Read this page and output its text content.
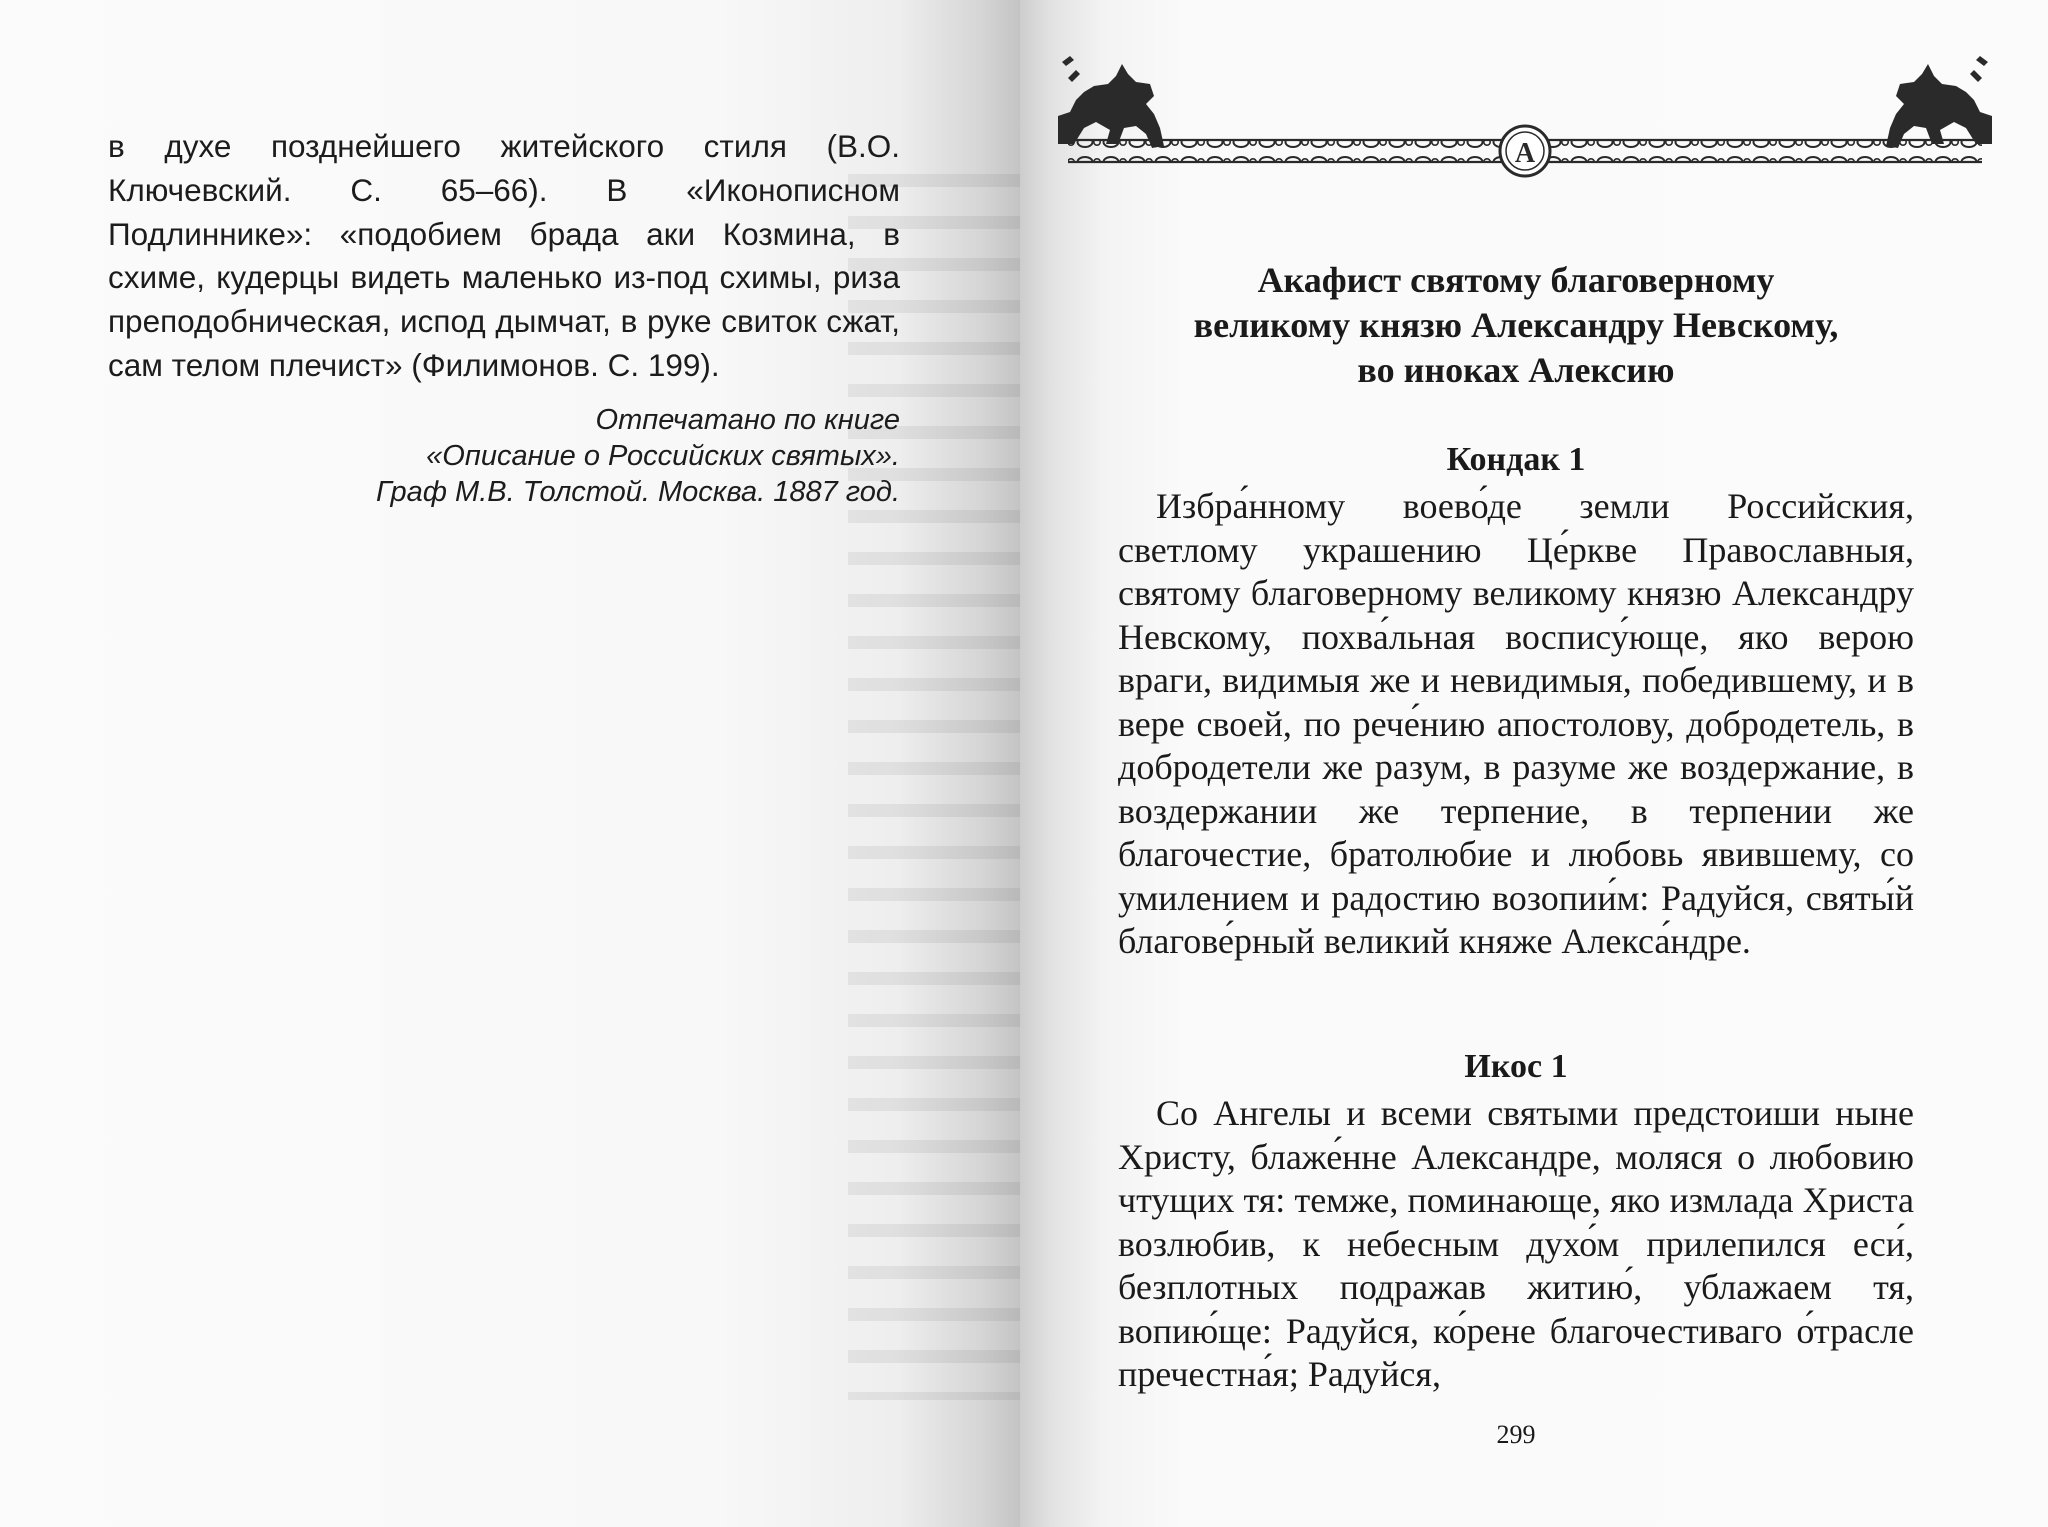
в духе позднейшего житейского стиля (В.О. Ключевский. С. 65–66). В «Иконописном Подлиннике»: «подобием брада аки Козмина, в схиме, кудерцы видеть маленько из-под схимы, риза преподобническая, испод дымчат, в руке свиток сжат, сам телом плечист» (Филимонов. С. 199).

Отпечатано по книге
«Описание о Российских святых».
Граф М.В. Толстой. Москва. 1887 год.
А
Акафист святому благоверному
великому князю Александру Невскому,
во иноках Алексию
Кондак 1

Избра́нному воево́де земли Российския, светлому украшению Це́ркве Православныя, святому благоверному великому князю Александру Невскому, похва́льная воспису́юще, яко верою враги, видимыя же и невидимыя, победившему, и в вере своей, по рече́нию апостолову, добродетель, в добродетели же разум, в разуме же воздержание, в воздержании же терпение, в терпении же благочестие, братолюбие и любовь явившему, со умилением и радостию возопии́м: Радуйся, святы́й благове́рный великий княже Алекса́ндре.

Икос 1

Со Ангелы и всеми святыми предстоиши ныне Христу, блаже́нне Александре, моляся о любовию чтущих тя: темже, поминающе, яко измлада Христа возлюбив, к небесным духо́м прилепился еси́, безплотных подражав житию́, ублажаем тя, вопию́ще: Радуйся, ко́рене благочестиваго о́трасле пречестна́я; Радуйся,

299
